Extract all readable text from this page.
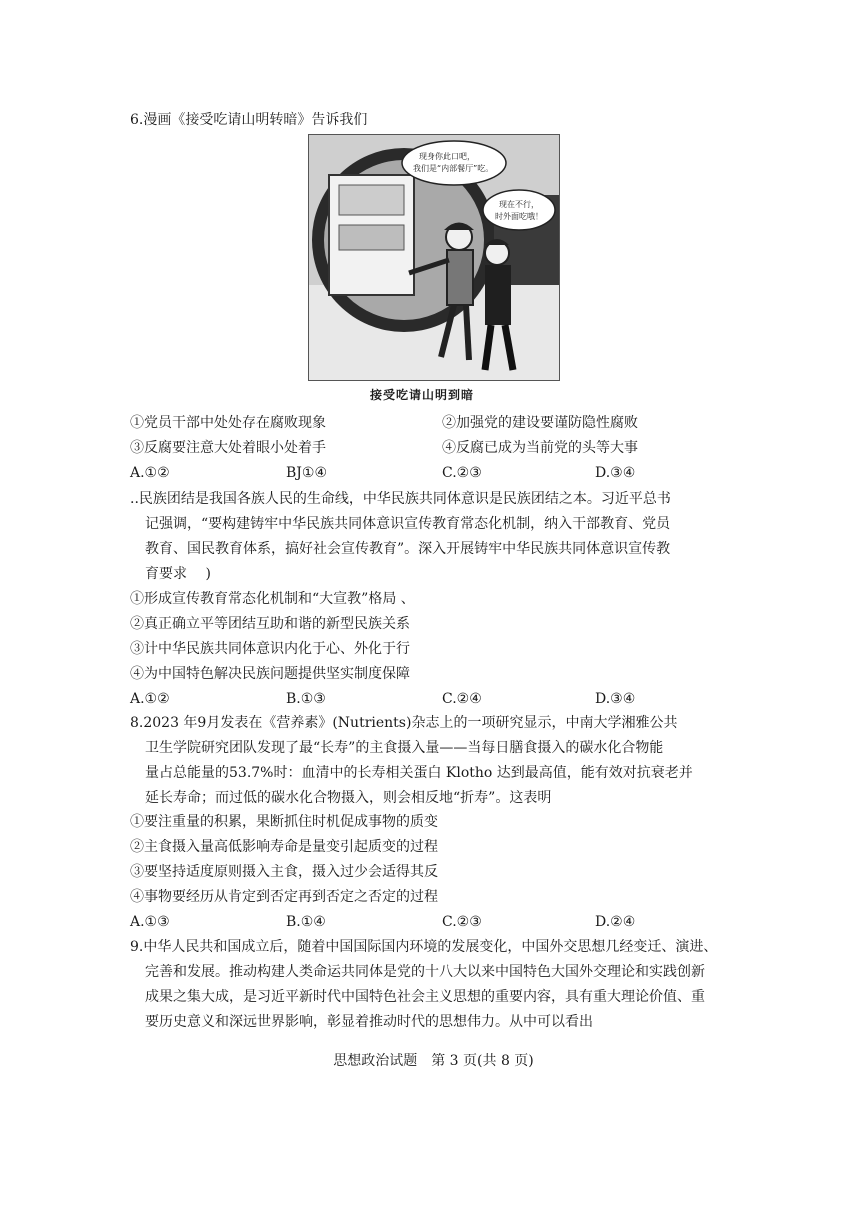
6.漫画《接受吃请山明转暗》告诉我们
现身你此口吧，
我们是“内部餐厅”吃。
现在不行，
时外面吃哦！
接受吃请山明到暗
①党员干部中处处存在腐败现象	②加强党的建设要谨防隐性腐败
③反腐要注意大处着眼小处着手	④反腐已成为当前党的头等大事
A.①②	BJ①④	C.②③	D.③④
..民族团结是我国各族人民的生命线，中华民族共同体意识是民族团结之本。习近平总书
记强调，“要构建铸牢中华民族共同体意识宣传教育常态化机制，纳入干部教育、党员
教育、国民教育体系，搞好社会宣传教育”。深入开展铸牢中华民族共同体意识宣传教
育要求　 )
①形成宣传教育常态化机制和“大宣教”格局 、
②真正确立平等团结互助和谐的新型民族关系
③计中华民族共同体意识内化于心、外化于行
④为中国特色解决民族问题提供坚实制度保障
A.①②	B.①③	C.②④	D.③④
8.2023 年9月发表在《营养素》(Nutrients)杂志上的一项研究显示，中南大学湘雅公共
卫生学院研究团队发现了最“长寿”的主食摄入量——当每日膳食摄入的碳水化合物能
量占总能量的53.7%时：血清中的长寿相关蛋白 Klotho 达到最高值，能有效对抗衰老并
延长寿命；而过低的碳水化合物摄入，则会相反地“折寿”。这表明
①要注重量的积累，果断抓住时机促成事物的质变
②主食摄入量高低影响寿命是量变引起质变的过程
③要坚持适度原则摄入主食，摄入过少会适得其反
④事物要经历从肯定到否定再到否定之否定的过程
A.①③	B.①④	C.②③	D.②④
9.中华人民共和国成立后，随着中国国际国内环境的发展变化，中国外交思想几经变迁、演进、
完善和发展。推动构建人类命运共同体是党的十八大以来中国特色大国外交理论和实践创新
成果之集大成，是习近平新时代中国特色社会主义思想的重要内容，具有重大理论价值、重
要历史意义和深远世界影响，彰显着推动时代的思想伟力。从中可以看出
思想政治试题　第 3 页(共 8 页)
